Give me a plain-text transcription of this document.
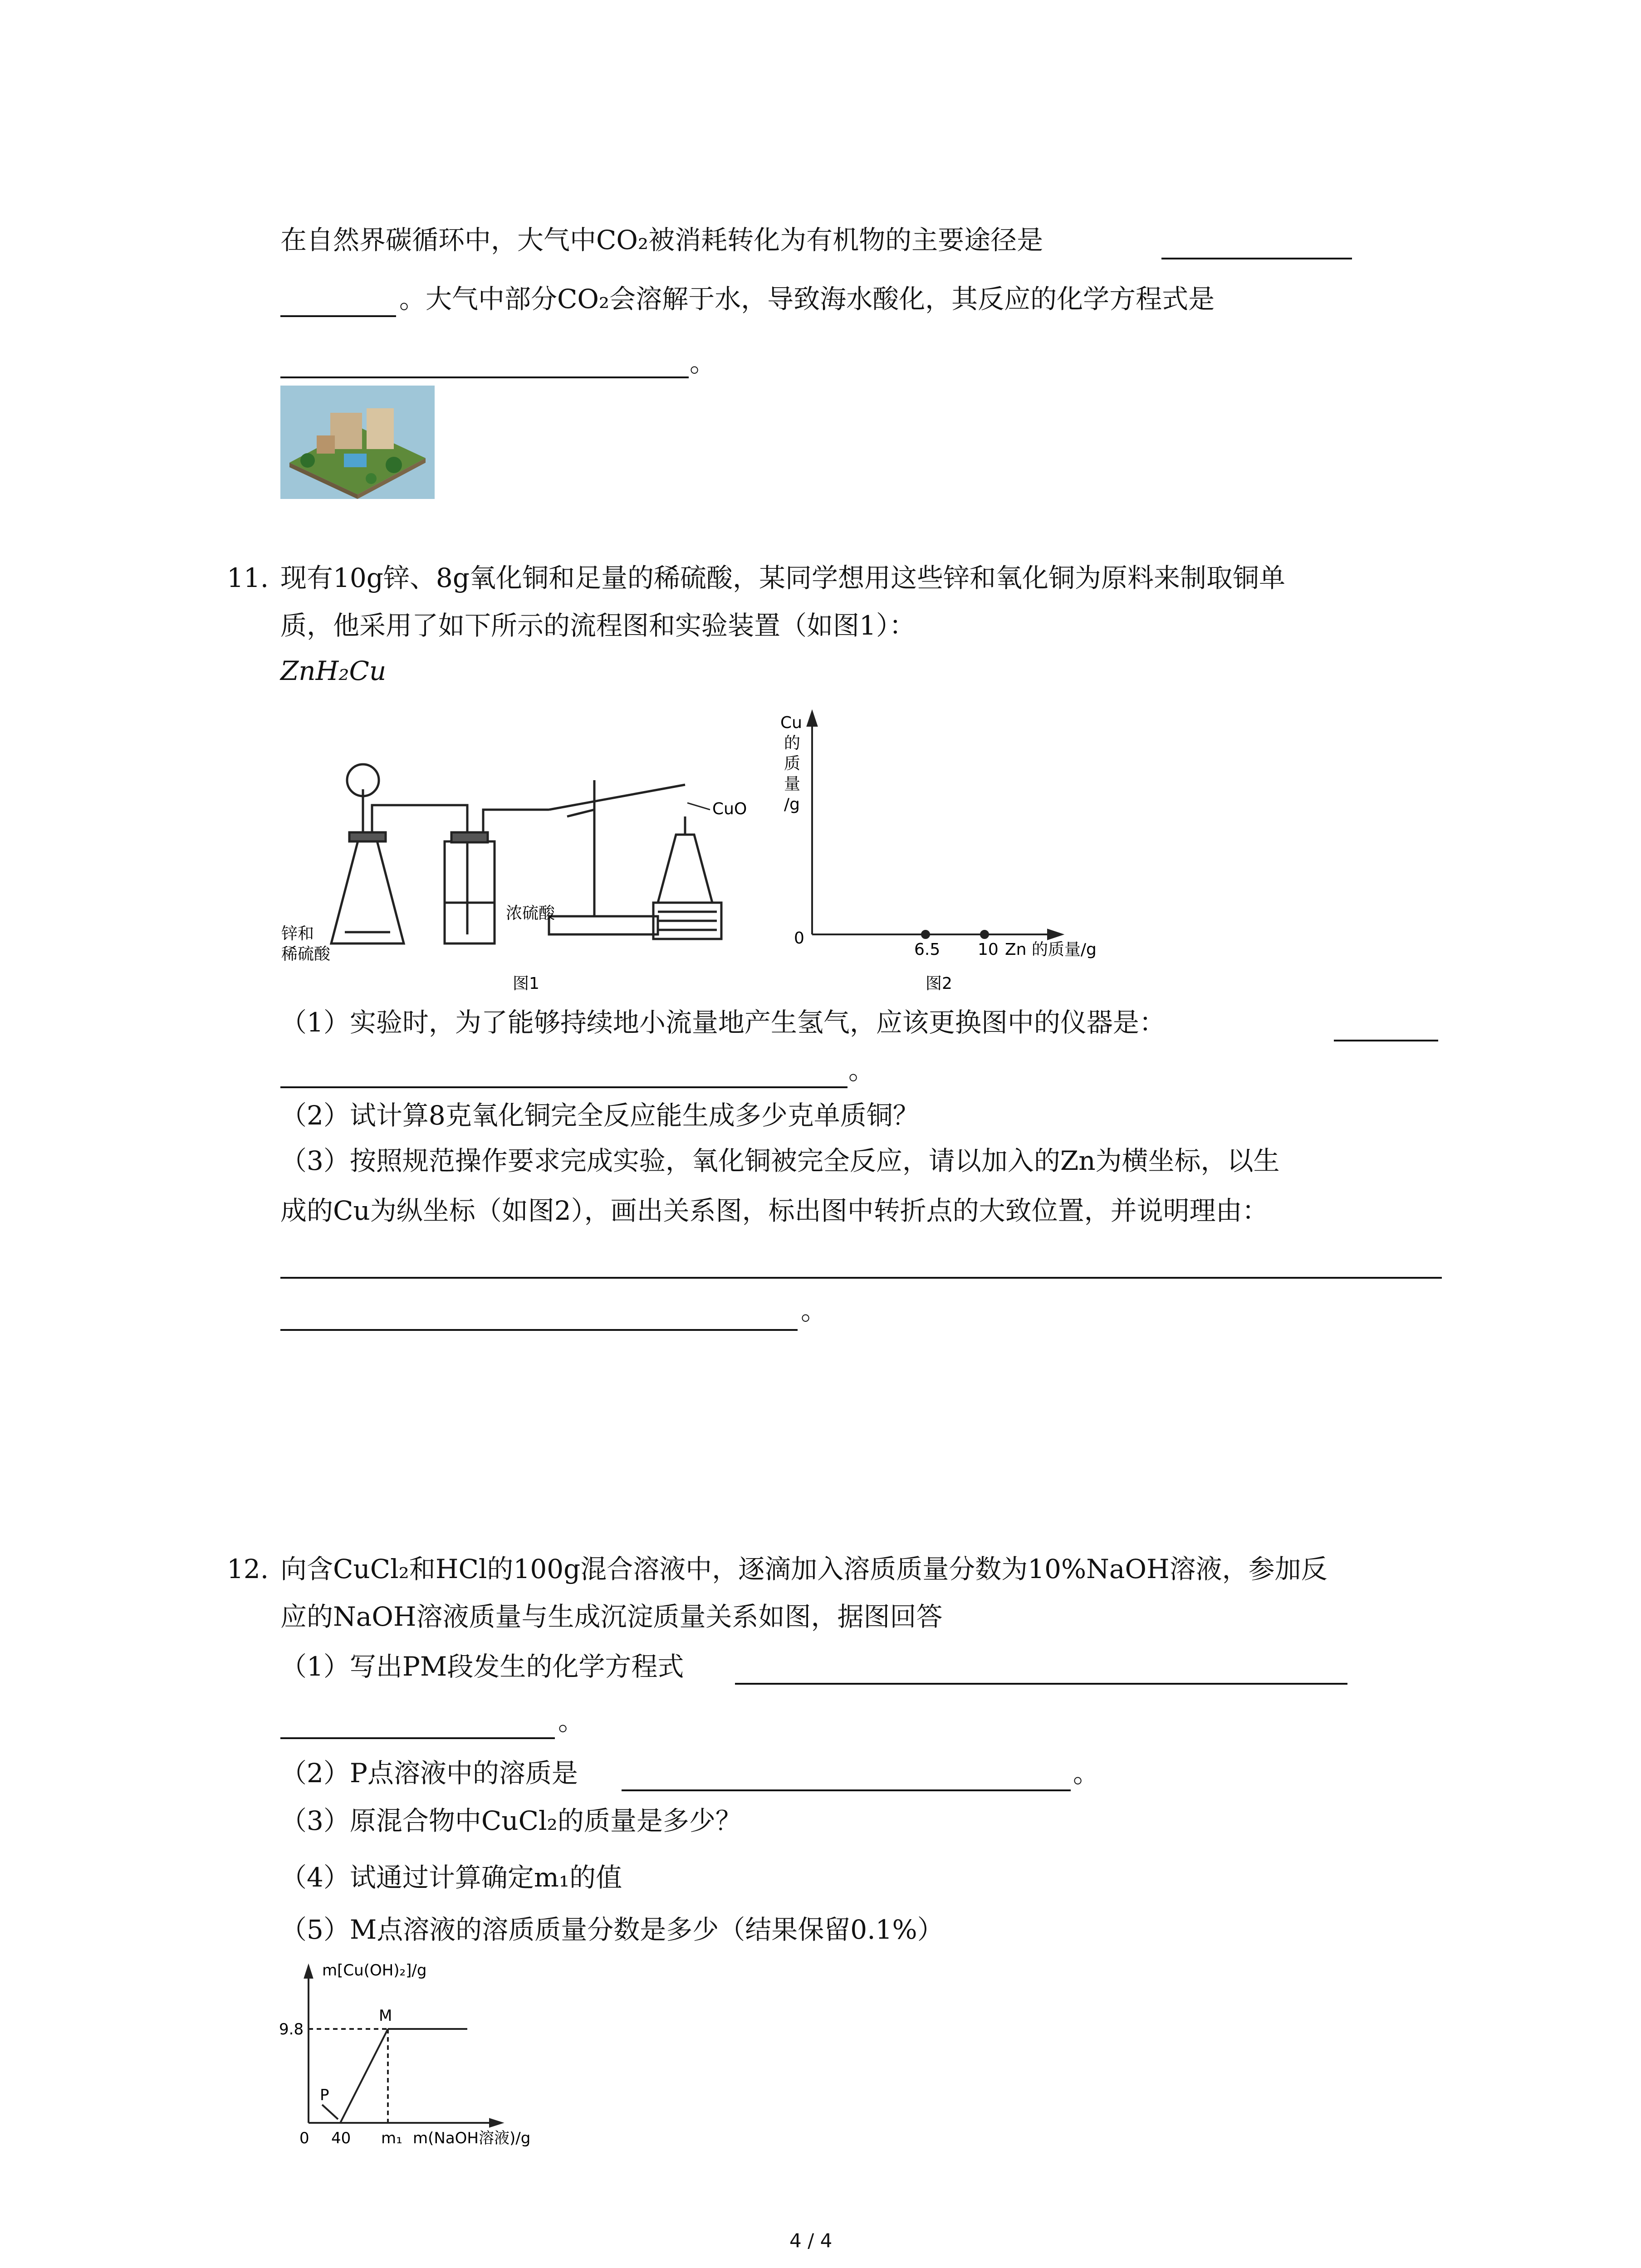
在自然界碳循环中，大气中CO₂被消耗转化为有机物的主要途径是
。大气中部分CO₂会溶解于水，导致海水酸化，其反应的化学方程式是
。
11. 现有10g锌、8g氧化铜和足量的稀硫酸，某同学想用这些锌和氧化铜为原料来制取铜单
质，他采用了如下所示的流程图和实验装置（如图1）：
ZnH₂Cu
CuO
浓硫酸
锌和
稀硫酸
图1
Cu
的
质
量
/g
0
6.5 10 Zn 的质量/g
图2
（1）实验时，为了能够持续地小流量地产生氢气，应该更换图中的仪器是：
。
（2）试计算8克氧化铜完全反应能生成多少克单质铜？
（3）按照规范操作要求完成实验，氧化铜被完全反应，请以加入的Zn为横坐标，以生
成的Cu为纵坐标（如图2），画出关系图，标出图中转折点的大致位置，并说明理由：
。
12. 向含CuCl₂和HCl的100g混合溶液中，逐滴加入溶质质量分数为10%NaOH溶液，参加反
应的NaOH溶液质量与生成沉淀质量关系如图，据图回答
（1）写出PM段发生的化学方程式
。
（2）P点溶液中的溶质是	。
（3）原混合物中CuCl₂的质量是多少？
（4）试通过计算确定m₁的值
（5）M点溶液的溶质质量分数是多少（结果保留0.1%）
m[Cu(OH)₂]/g
9.8
M
P
0 40 m₁ m(NaOH溶液)/g
4 / 4
